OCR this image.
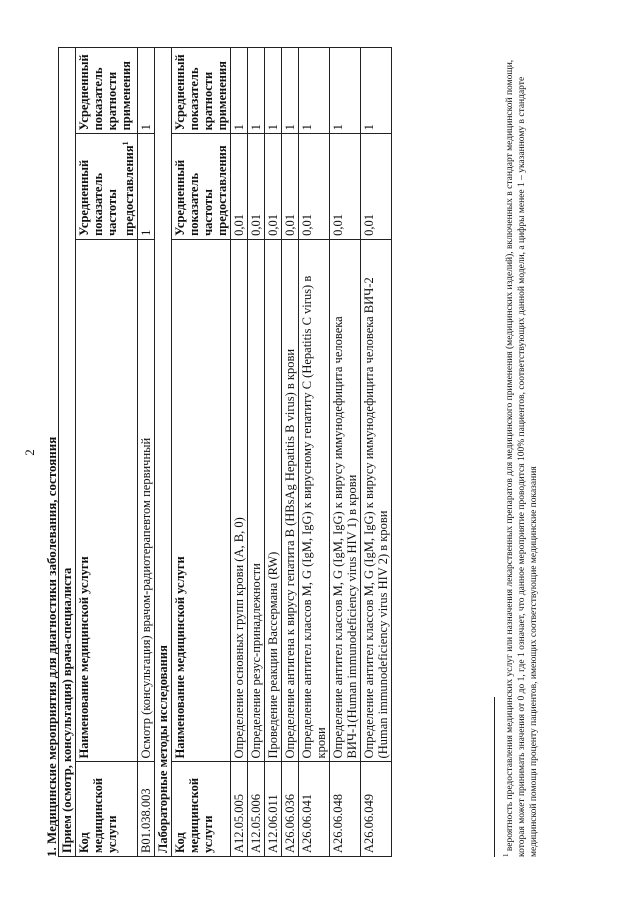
2 1. Медицинские мероприятия для диагностики заболевания, состояния Прием (осмотр, консультация) врача-специалиста			
Код медицинской услуги	Наименование медицинской услуги	Усредненный показатель частоты предоставления$^1$	Усредненный показатель кратности применения
B01.038.003	Осмотр (консультация) врачом-радиотерапевтом первичный	1	1
Лабораторные методы исследования			
Код медицинской услуги	Наименование медицинской услуги	Усредненный показатель частоты предоставления	Усредненный показатель кратности применения
A12.05.005	Определение основных групп крови (A, B, 0)	0,01	1
A12.05.006	Определение резус-принадлежности	0,01	1
A12.06.011	Проведение реакции Вассермана (RW)	0,01	1
A26.06.036	Определение антигена к вирусу гепатита B (HBsAg Hepatitis B virus) в крови	0,01	1
A26.06.041	Определение антител классов M, G (IgM, IgG) к вирусному гепатиту C (Hepatitis C virus) в крови	0,01	1
A26.06.048	Определение антител классов M, G (IgM, IgG) к вирусу иммунодефицита человека ВИЧ-1(Human immunodeficiency virus HIV 1) в крови	0,01	1
A26.06.049	Определение антител классов M, G (IgM, IgG) к вирусу иммунодефицита человека ВИЧ-2 (Human immunodeficiency virus HIV 2) в крови	0,01	1
$^1$ вероятность предоставления медицинских услуг или назначения лекарственных препаратов для медицинского применения (медицинских изделий), включенных в стандарт медицинской помощи, которая может принимать значения от 0 до 1, где 1 означает, что данное мероприятие проводится 100% пациентов, соответствующих данной модели, а цифры менее 1 – указанному в стандарте медицинской помощи проценту пациентов, имеющих соответствующие медицинские показания
